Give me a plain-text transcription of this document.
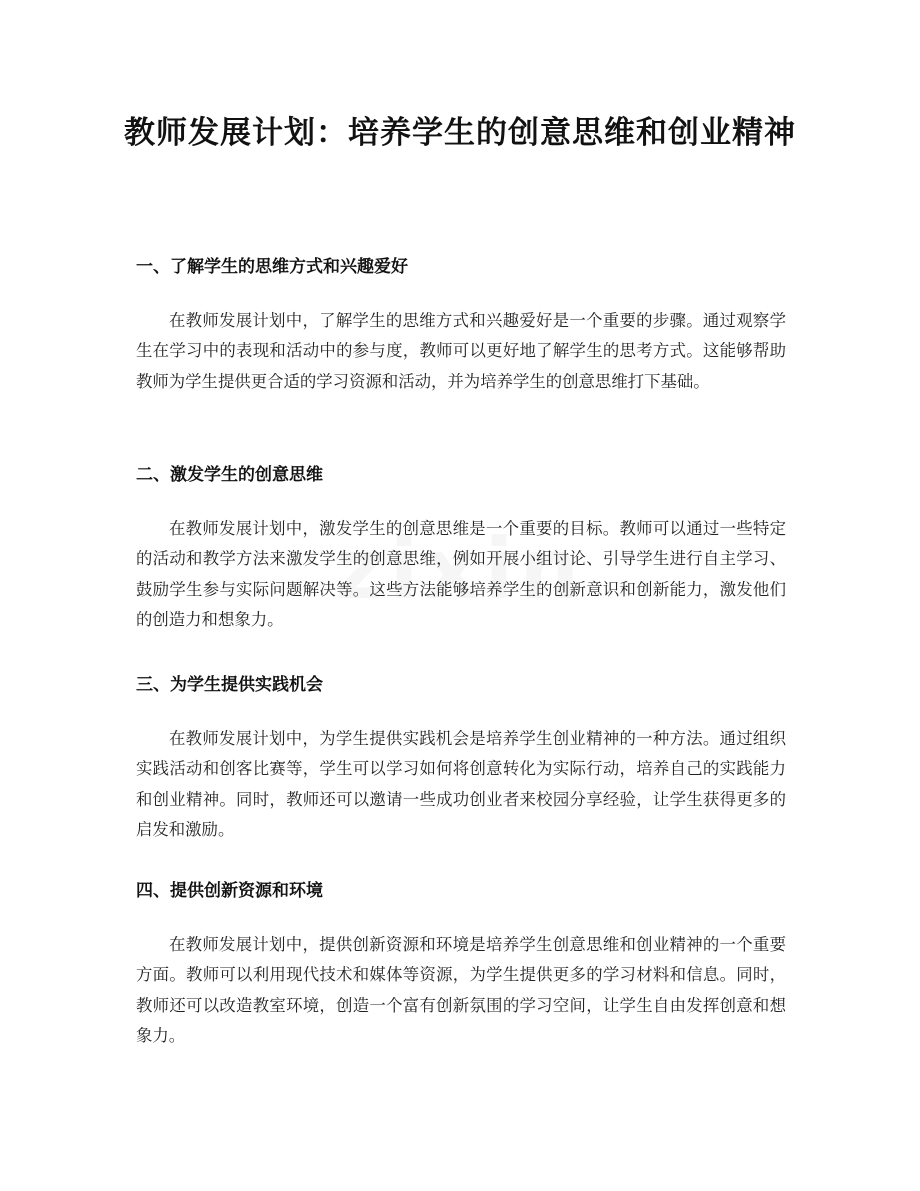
教师发展计划：培养学生的创意思维和创业精神
一、了解学生的思维方式和兴趣爱好

在教师发展计划中，了解学生的思维方式和兴趣爱好是一个重要的步骤。通过观察学生在学习中的表现和活动中的参与度，教师可以更好地了解学生的思考方式。这能够帮助教师为学生提供更合适的学习资源和活动，并为培养学生的创意思维打下基础。

二、激发学生的创意思维

在教师发展计划中，激发学生的创意思维是一个重要的目标。教师可以通过一些特定的活动和教学方法来激发学生的创意思维，例如开展小组讨论、引导学生进行自主学习、鼓励学生参与实际问题解决等。这些方法能够培养学生的创新意识和创新能力，激发他们的创造力和想象力。

三、为学生提供实践机会

在教师发展计划中，为学生提供实践机会是培养学生创业精神的一种方法。通过组织实践活动和创客比赛等，学生可以学习如何将创意转化为实际行动，培养自己的实践能力和创业精神。同时，教师还可以邀请一些成功创业者来校园分享经验，让学生获得更多的启发和激励。

四、提供创新资源和环境

在教师发展计划中，提供创新资源和环境是培养学生创意思维和创业精神的一个重要方面。教师可以利用现代技术和媒体等资源，为学生提供更多的学习材料和信息。同时，教师还可以改造教室环境，创造一个富有创新氛围的学习空间，让学生自由发挥创意和想象力。
